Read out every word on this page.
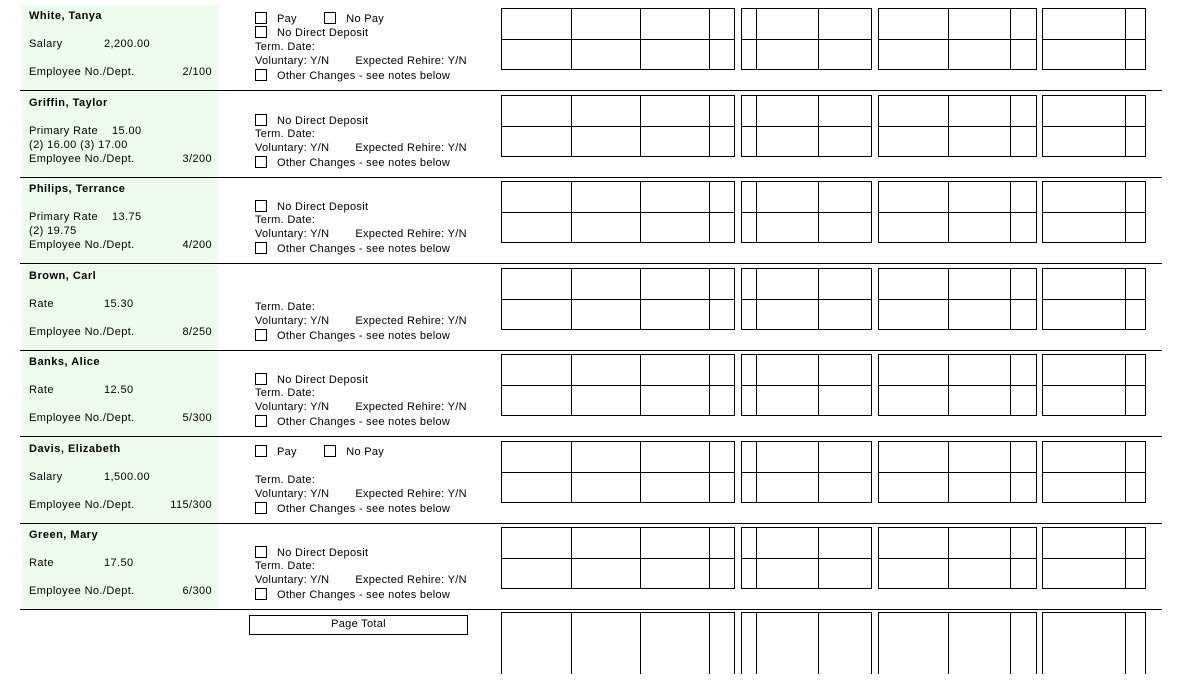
White, Tanya
Salary	2,200.00
Employee No./Dept.	2/100
Pay	No Pay
No Direct Deposit
Term. Date:
Voluntary: Y/N Expected Rehire: Y/N
Other Changes - see notes below
Griffin, Taylor
Primary Rate 15.00
(2) 16.00 (3) 17.00
Employee No./Dept.	3/200
No Direct Deposit
Term. Date:
Voluntary: Y/N Expected Rehire: Y/N
Other Changes - see notes below
Philips, Terrance
Primary Rate 13.75
(2) 19.75
Employee No./Dept.	4/200
No Direct Deposit
Term. Date:
Voluntary: Y/N Expected Rehire: Y/N
Other Changes - see notes below
Brown, Carl
Rate	15.30
Employee No./Dept.	8/250
Term. Date:
Voluntary: Y/N Expected Rehire: Y/N
Other Changes - see notes below
Banks, Alice
Rate	12.50
Employee No./Dept.	5/300
No Direct Deposit
Term. Date:
Voluntary: Y/N Expected Rehire: Y/N
Other Changes - see notes below
Davis, Elizabeth
Salary	1,500.00
Employee No./Dept.	115/300
Pay	No Pay
Term. Date:
Voluntary: Y/N Expected Rehire: Y/N
Other Changes - see notes below
Green, Mary
Rate	17.50
Employee No./Dept.	6/300
No Direct Deposit
Term. Date:
Voluntary: Y/N Expected Rehire: Y/N
Other Changes - see notes below
Page Total
